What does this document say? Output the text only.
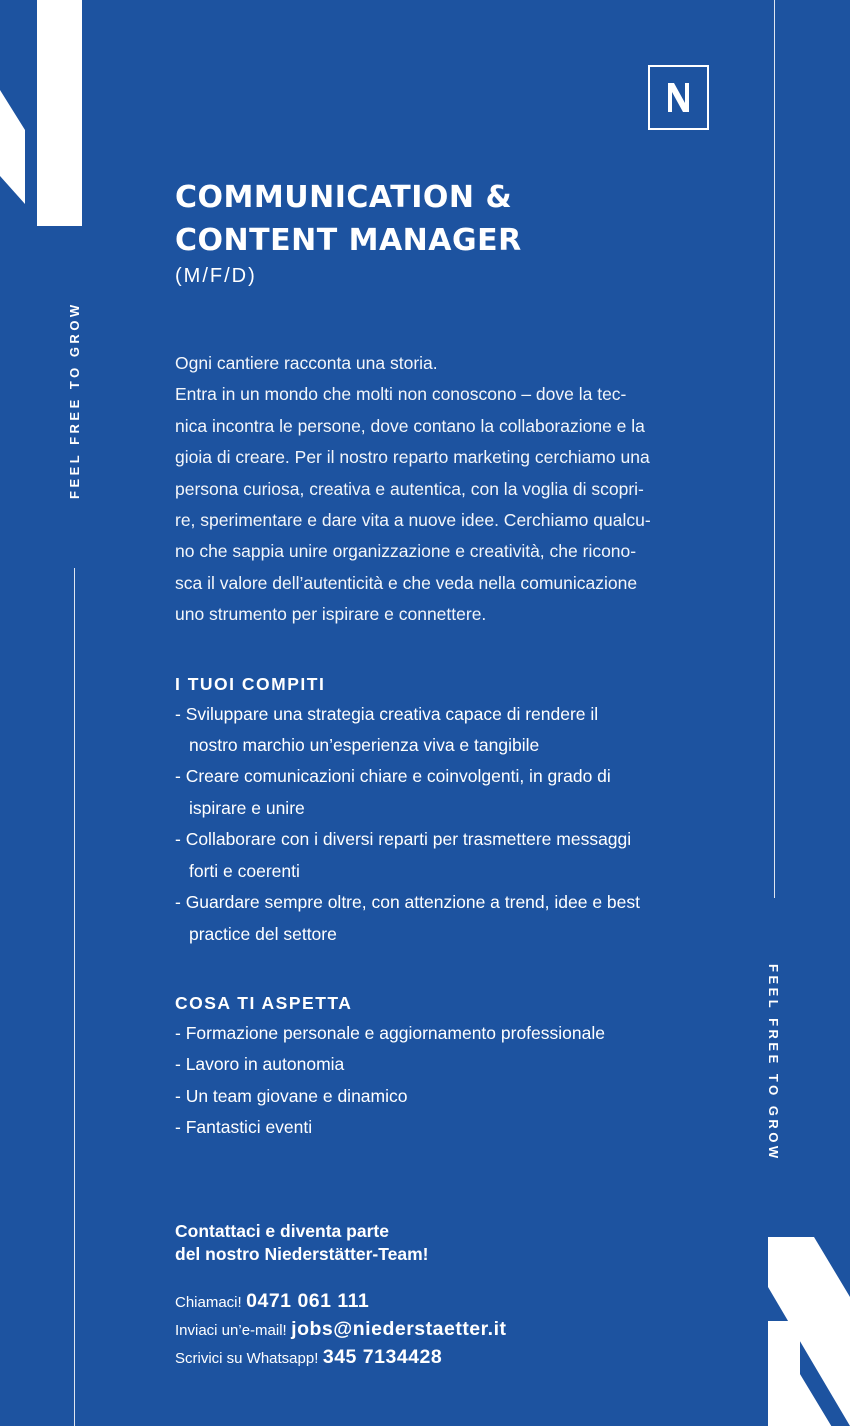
FEEL FREE TO GROW
FEEL FREE TO GROW
COMMUNICATION &
CONTENT MANAGER
(M/F/D)
Ogni cantiere racconta una storia.
Entra in un mondo che molti non conoscono – dove la tec-
nica incontra le persone, dove contano la collaborazione e la
gioia di creare. Per il nostro reparto marketing cerchiamo una
persona curiosa, creativa e autentica, con la voglia di scopri-
re, sperimentare e dare vita a nuove idee. Cerchiamo qualcu-
no che sappia unire organizzazione e creatività, che ricono-
sca il valore dell’autenticità e che veda nella comunicazione
uno strumento per ispirare e connettere.
I TUOI COMPITI
- Sviluppare una strategia creativa capace di rendere il
nostro marchio un’esperienza viva e tangibile
- Creare comunicazioni chiare e coinvolgenti, in grado di
ispirare e unire
- Collaborare con i diversi reparti per trasmettere messaggi
forti e coerenti
- Guardare sempre oltre, con attenzione a trend, idee e best
practice del settore
COSA TI ASPETTA
- Formazione personale e aggiornamento professionale
- Lavoro in autonomia
- Un team giovane e dinamico
- Fantastici eventi
Contattaci e diventa parte
del nostro Niederstätter-Team!
Chiamaci! 0471 061 111
Inviaci un’e-mail! jobs@niederstaetter.it
Scrivici su Whatsapp! 345 7134428
